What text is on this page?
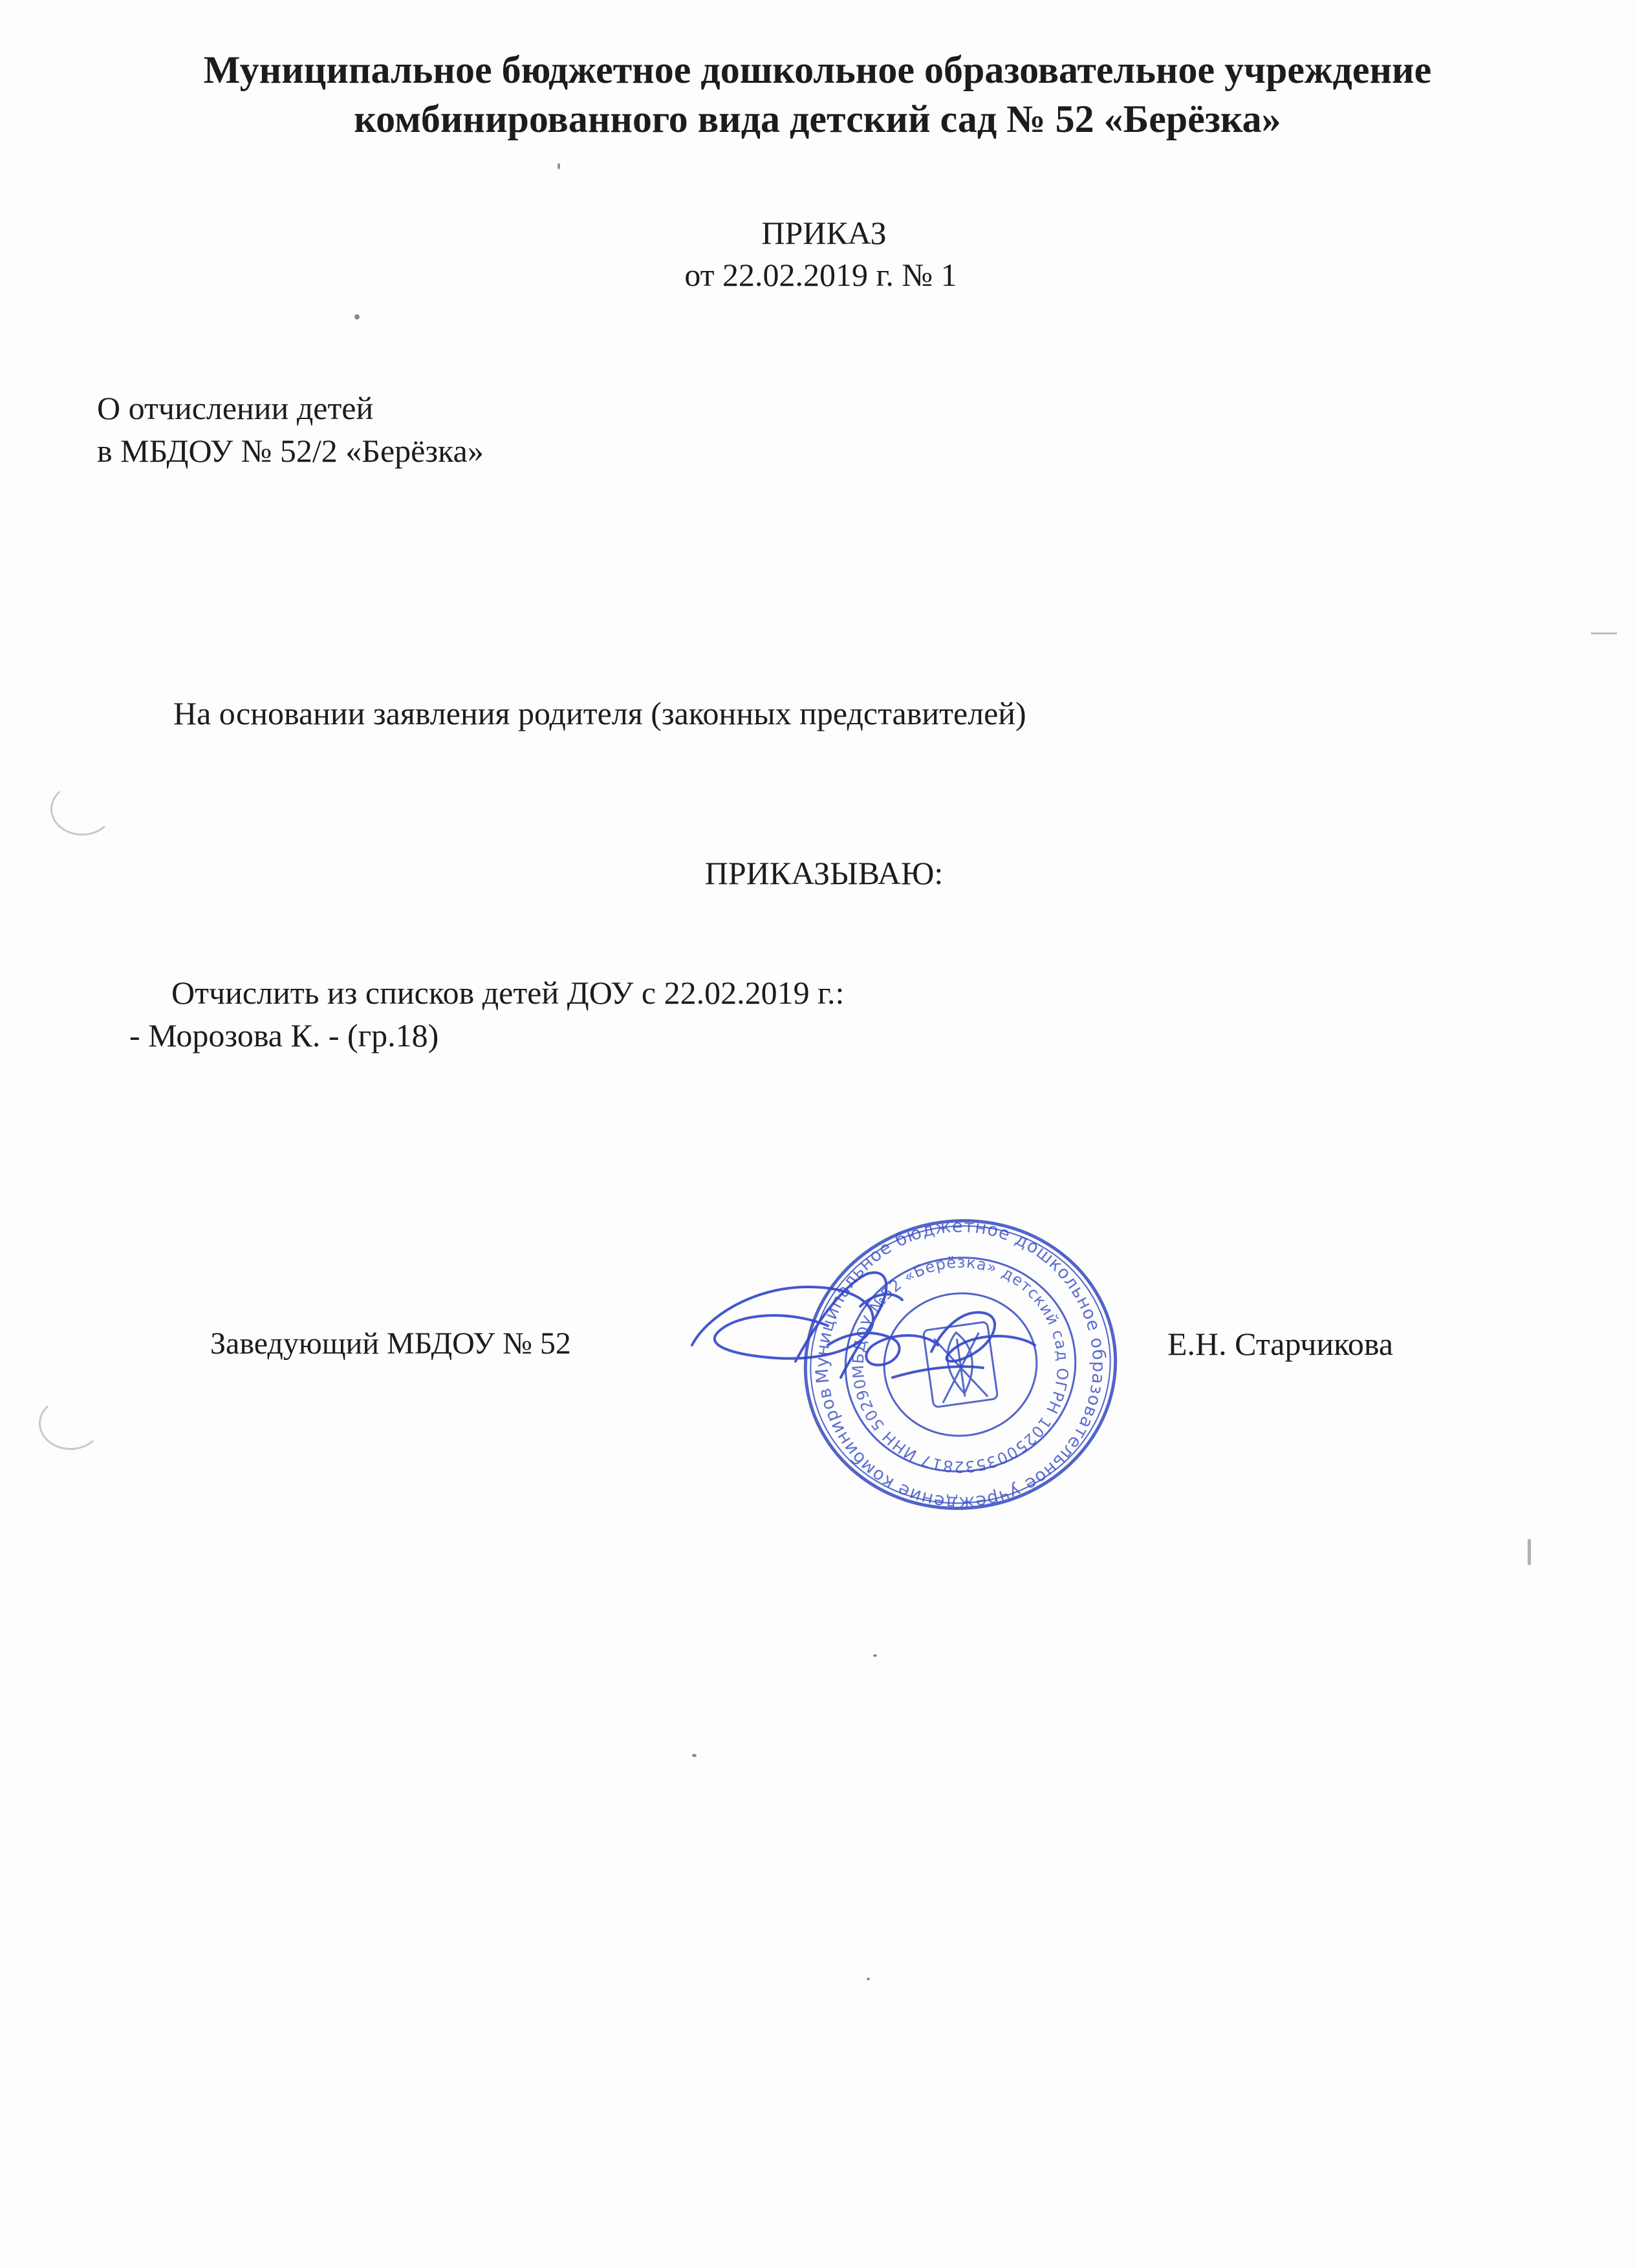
Муниципальное бюджетное дошкольное образовательное учреждение
комбинированного вида детский сад № 52 «Берёзка»
ПРИКАЗ
от 22.02.2019 г. № 1
О отчислении детей
в МБДОУ № 52/2 «Берёзка»
На основании заявления родителя (законных представителей)
ПРИКАЗЫВАЮ:
Отчислить из списков детей ДОУ с 22.02.2019 г.:
- Морозова К. - (гр.18)
Заведующий МБДОУ № 52	Е.Н. Старчикова
Муниципальное бюджетное дошкольное образовательное учреждение комбинированного
МБДОУ №52 «Берёзка» детский сад ОГРН 1025003532817 ИНН 5029048910
